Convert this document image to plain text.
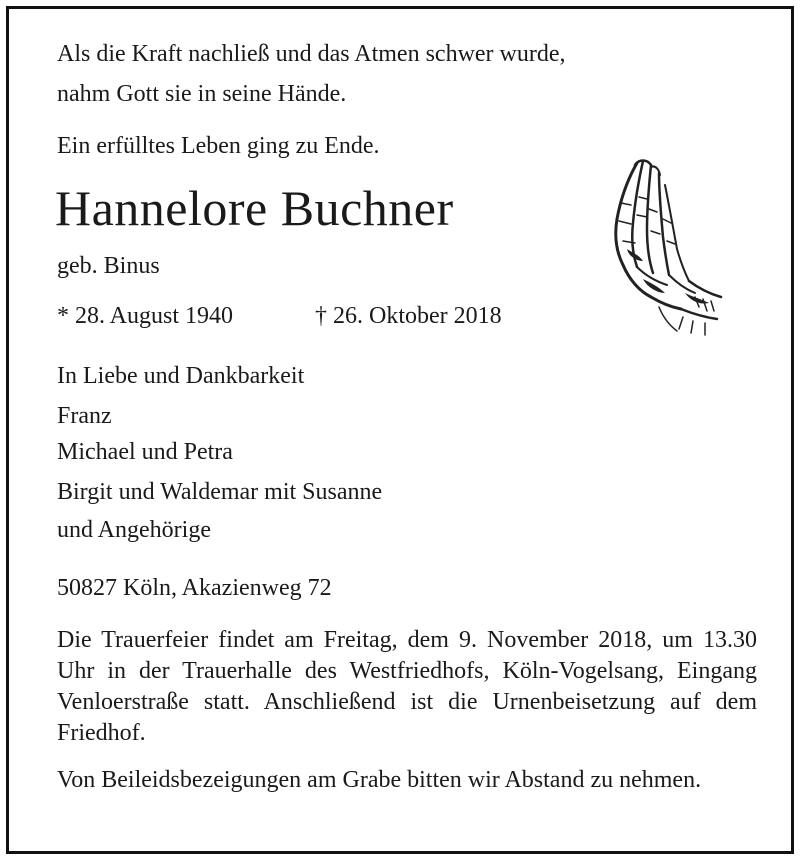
Als die Kraft nachließ und das Atmen schwer wurde,

nahm Gott sie in seine Hände.

Ein erfülltes Leben ging zu Ende.

Hannelore Buchner

geb. Binus

* 28. August 1940	† 26. Oktober 2018

In Liebe und Dankbarkeit

Franz

Michael und Petra

Birgit und Waldemar mit Susanne

und Angehörige

50827 Köln, Akazienweg 72

Die Trauerfeier findet am Freitag, dem 9. November 2018, um 13.30 Uhr in der Trauerhalle des Westfriedhofs, Köln-Vogelsang, Eingang Venloerstraße statt. Anschließend ist die Urnenbeisetzung auf dem Friedhof.

Von Beileidsbezeigungen am Grabe bitten wir Abstand zu nehmen.
